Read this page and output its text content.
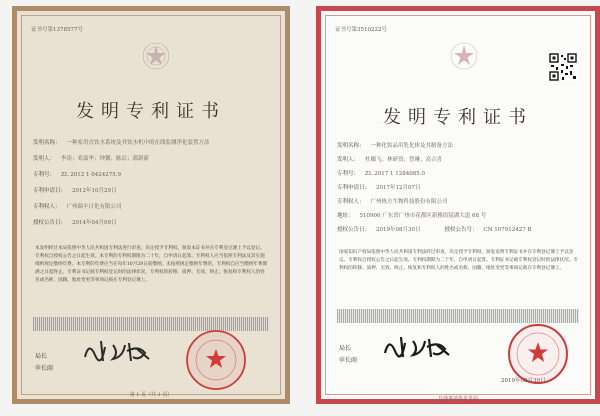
证书号第1378577号
发明专利证书
发明名称： 一种家用直饮水系统及其饮水机中的在线监测净化装置方法
发明人： 李涛；邓嘉华；钟馨；陈洁；郭新新
专利号： ZL 2012 1 0424275.9
专利申请日： 2012年10月29日
专利权人： 广州瑞丰日化有限公司
授权公告日： 2014年04月09日
本发明经过本局依照中华人民共和国专利法进行审查，决定授予专利权，颁发本证书并在专利登记簿上予以登记。专利权自授权公告之日起生效。本专利的专利权期限为二十年，自申请日起算。专利权人应当依照专利法及其实施细则规定缴纳年费。本专利的年费应当在每年10月29日前缴纳。未按照规定缴纳年费的，专利权自应当缴纳年费期满之日起终止。专利证书记载专利权登记时的法律状况。专利权的转移、质押、无效、终止、恢复和专利权人的姓名或名称、国籍、地址变更等事项记载在专利登记簿上。
局长
申长雨
第 1 页（共 1 页）
证书号第3510222号
发明专利证书
发明名称： 一种化妆品用乳化体及其制备方法
发明人： 杜娜飞；林研资；曾琳；高合喜
专利号： ZL 2017 1 1284085.0
专利申请日： 2017年12月07日
专利权人： 广州栋方生物科技股份有限公司
地址： 510900 广东省广州市花都区新雅街镜湖大道 68 号
授权公告日： 2019年08月30日	授权公告号： CN 107912427 B
国家知识产权局依照中华人民共和国专利法经过审查，决定授予专利权，颁发发明专利证书并在专利登记簿上予以登记。专利权自授权公告之日起生效。专利权期限为二十年，自申请日起算。专利证书记载专利权登记时的法律状况。专利权的转移、质押、无效、终止、恢复和专利权人的姓名或名称、国籍、地址变更等事项记载在专利登记簿上。
局长
申长雨
2019年08月30日
其他事项参见背面
